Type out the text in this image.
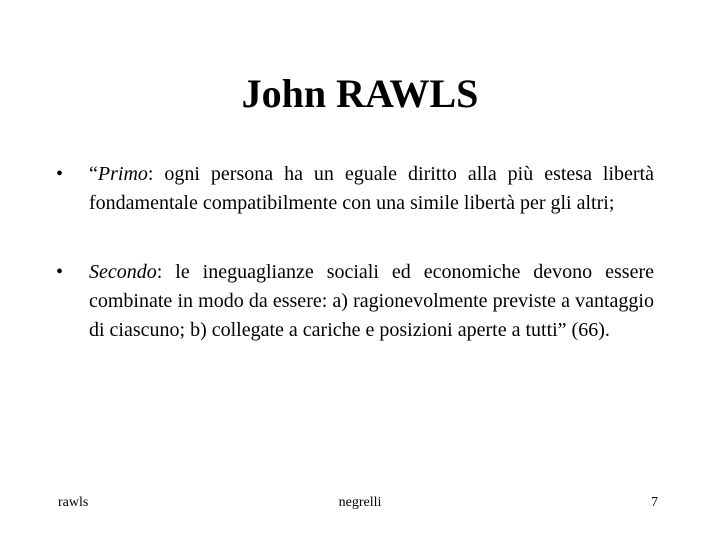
John RAWLS
• “Primo: ogni persona ha un eguale diritto alla più estesa libertà fondamentale compatibilmente con una simile libertà per gli altri;
• Secondo: le ineguaglianze sociali ed economiche devono essere combinate in modo da essere: a) ragionevolmente previste a vantaggio di ciascuno; b) collegate a cariche e posizioni aperte a tutti” (66).
rawls	negrelli	7
